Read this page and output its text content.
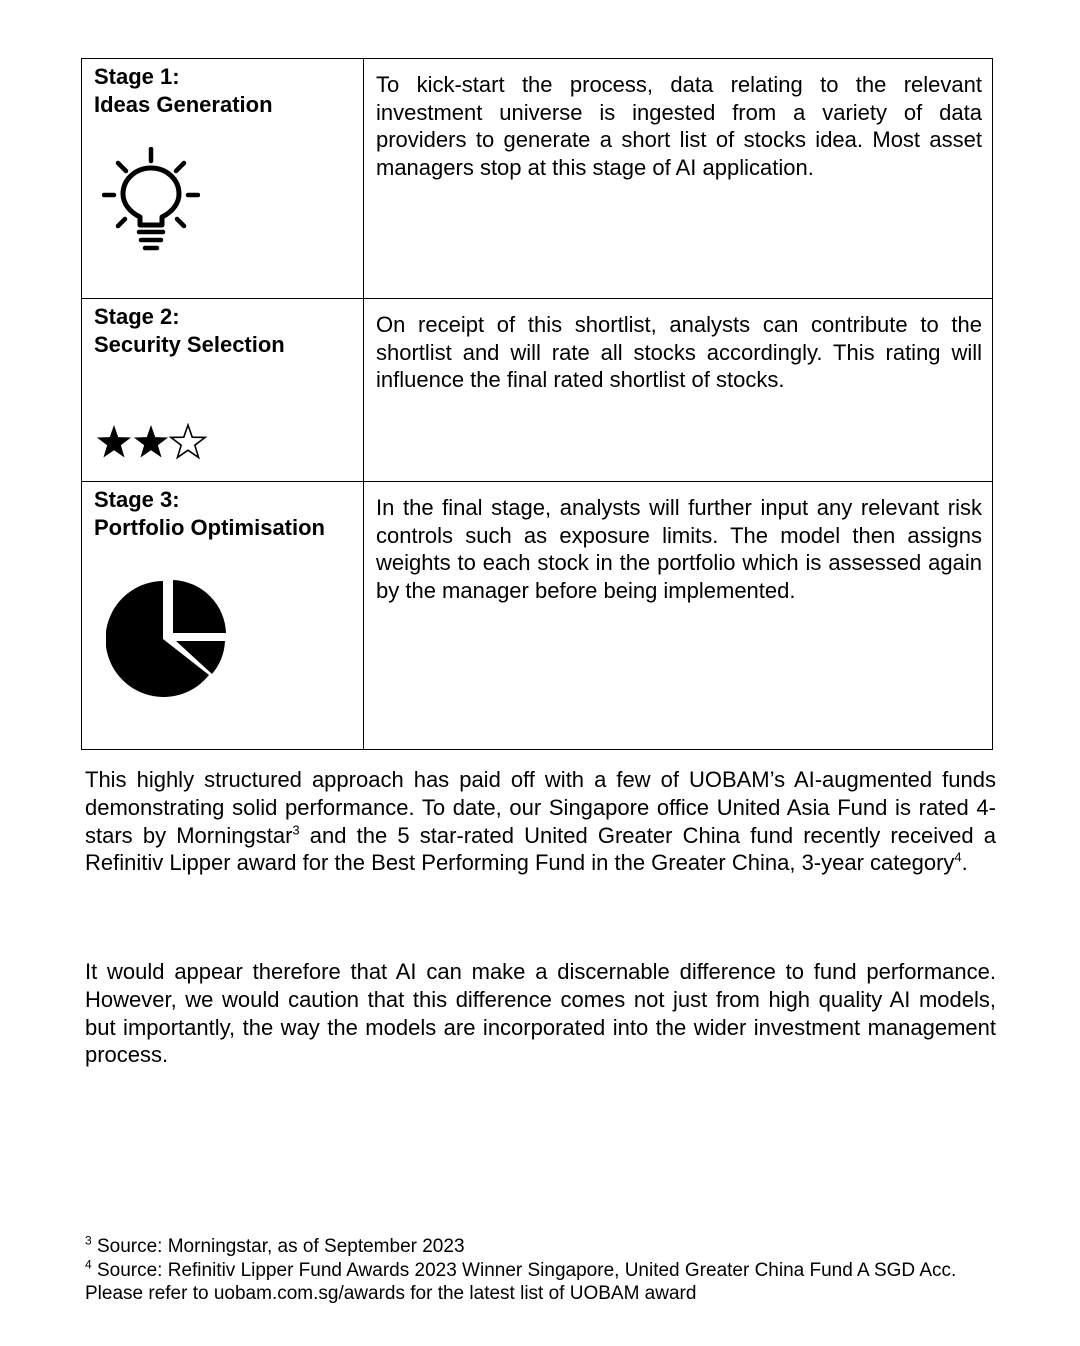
Stage 1:

Ideas Generation	To kick-start the process, data relating to the relevant investment universe is ingested from a variety of data providers to generate a short list of stocks idea. Most asset managers stop at this stage of AI application.

Stage 2:

Security Selection	On receipt of this shortlist, analysts can contribute to the shortlist and will rate all stocks accordingly. This rating will influence the final rated shortlist of stocks.

Stage 3:

Portfolio Optimisation	In the final stage, analysts will further input any relevant risk controls such as exposure limits. The model then assigns weights to each stock in the portfolio which is assessed again by the manager before being implemented.

This highly structured approach has paid off with a few of UOBAM’s AI-augmented funds demonstrating solid performance. To date, our Singapore office United Asia Fund is rated 4-stars by Morningstar$^3$ and the 5 star-rated United Greater China fund recently received a Refinitiv Lipper award for the Best Performing Fund in the Greater China, 3-year category$^4$.

It would appear therefore that AI can make a discernable difference to fund performance. However, we would caution that this difference comes not just from high quality AI models, but importantly, the way the models are incorporated into the wider investment management process.

$^3$ Source: Morningstar, as of September 2023

$^4$ Source: Refinitiv Lipper Fund Awards 2023 Winner Singapore, United Greater China Fund A SGD Acc.

Please refer to uobam.com.sg/awards for the latest list of UOBAM award
